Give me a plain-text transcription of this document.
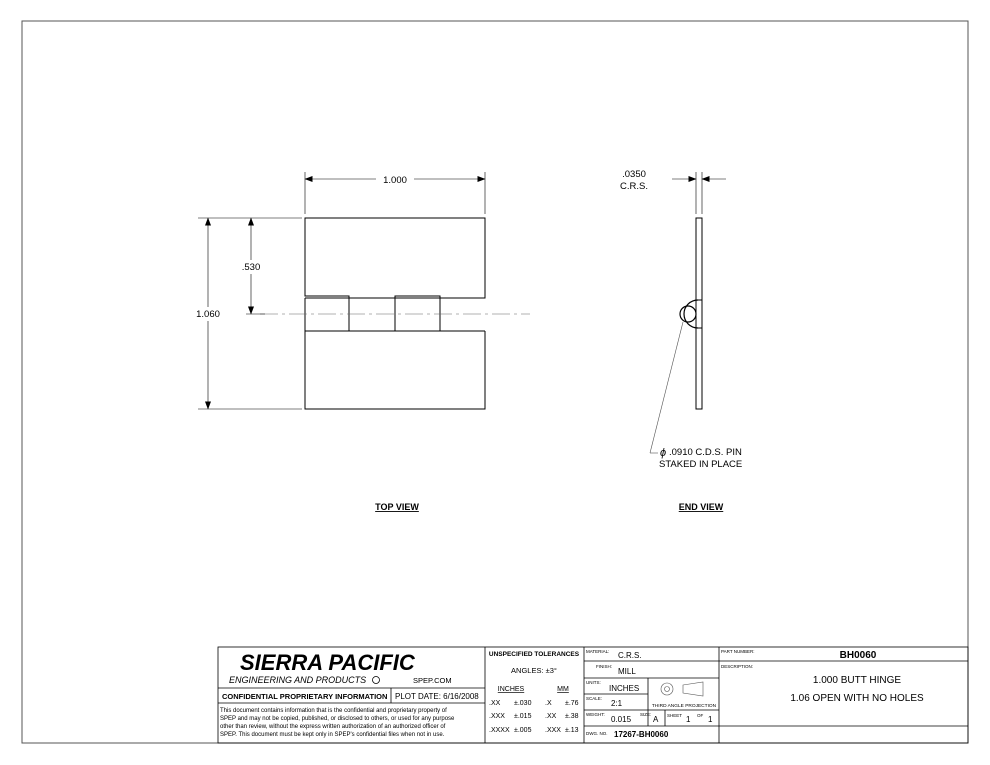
1.000
1.060
.530
TOP VIEW
.0350
C.R.S.
ϕ .0910 C.D.S. PIN
STAKED IN PLACE
END VIEW
SIERRA PACIFIC
ENGINEERING AND PRODUCTS	SPEP.COM
CONFIDENTIAL PROPRIETARY INFORMATION PLOT DATE: 6/16/2008
This document contains information that is the confidential and proprietary property of
SPEP and may not be copied, published, or disclosed to others, or used for any purpose
other than review, without the express written authorization of an authorized officer of
SPEP. This document must be kept only in SPEP's confidential files when not in use.
UNSPECIFIED TOLERANCES
ANGLES: ±3°
INCHES	MM
.XX ±.030 .X ±.76
.XXX ±.015 .XX ±.38
.XXXX ±.005 .XXX ±.13
MATERIAL: C.R.S.
FINISH:
MILL
UNITS:
INCHES
SCALE:
2:1	THIRD ANGLE PROJECTION
WEIGHT:
0.015
SIZE:
A SHEET 1 OF 1
DWG. NO. 17267-BH0060
PART NUMBER:	BH0060
DESCRIPTION:
1.000 BUTT HINGE
1.06 OPEN WITH NO HOLES
